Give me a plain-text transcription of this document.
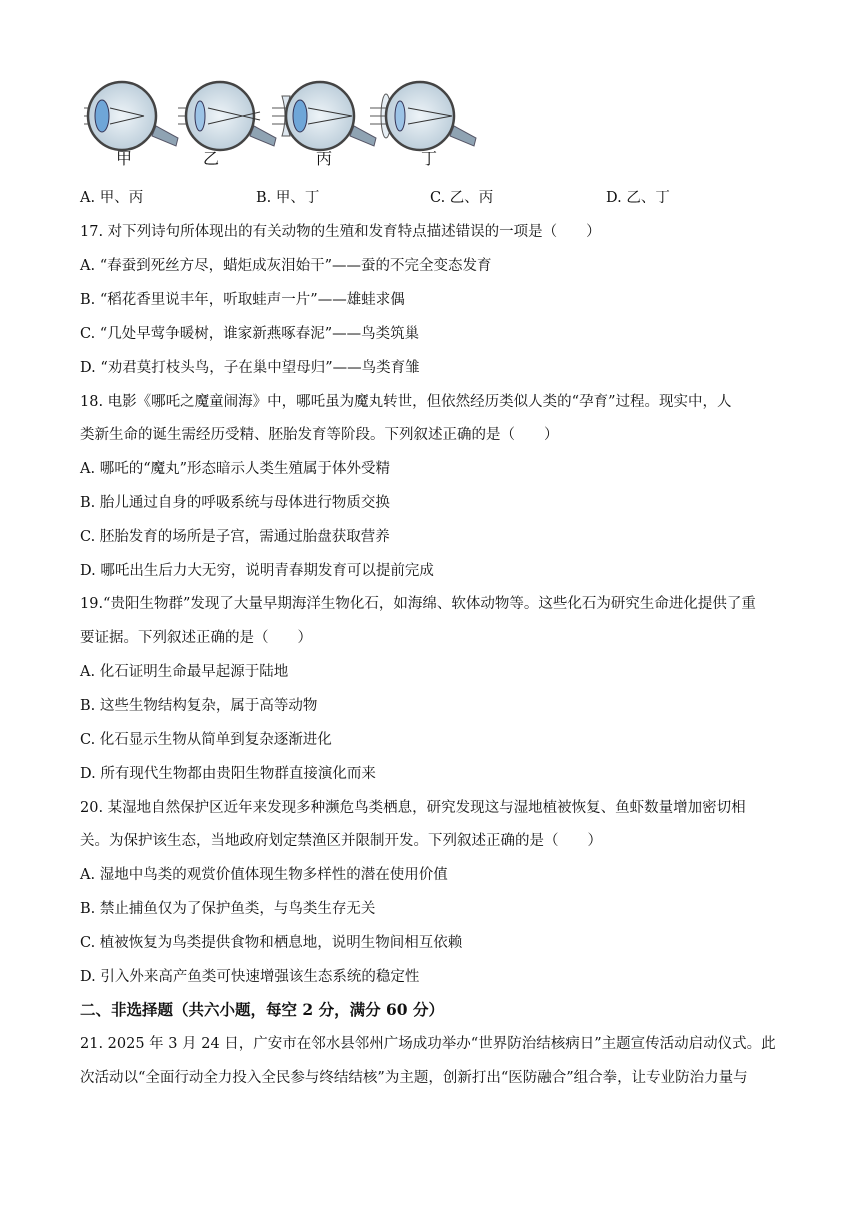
甲	乙	丙	丁
A. 甲、丙	B. 甲、丁	C. 乙、丙	D. 乙、丁
17. 对下列诗句所体现出的有关动物的生殖和发育特点描述错误的一项是（　　）
A. “春蚕到死丝方尽，蜡炬成灰泪始干”——蚕的不完全变态发育
B. “稻花香里说丰年，听取蛙声一片”——雄蛙求偶
C. “几处早莺争暖树，谁家新燕啄春泥”——鸟类筑巢
D. “劝君莫打枝头鸟，子在巢中望母归”——鸟类育雏
18. 电影《哪吒之魔童闹海》中，哪吒虽为魔丸转世，但依然经历类似人类的“孕育”过程。现实中，人
类新生命的诞生需经历受精、胚胎发育等阶段。下列叙述正确的是（　　）
A. 哪吒的“魔丸”形态暗示人类生殖属于体外受精
B. 胎儿通过自身的呼吸系统与母体进行物质交换
C. 胚胎发育的场所是子宫，需通过胎盘获取营养
D. 哪吒出生后力大无穷，说明青春期发育可以提前完成
19.“贵阳生物群”发现了大量早期海洋生物化石，如海绵、软体动物等。这些化石为研究生命进化提供了重
要证据。下列叙述正确的是（　　）
A. 化石证明生命最早起源于陆地
B. 这些生物结构复杂，属于高等动物
C. 化石显示生物从简单到复杂逐渐进化
D. 所有现代生物都由贵阳生物群直接演化而来
20. 某湿地自然保护区近年来发现多种濒危鸟类栖息，研究发现这与湿地植被恢复、鱼虾数量增加密切相
关。为保护该生态，当地政府划定禁渔区并限制开发。下列叙述正确的是（　　）
A. 湿地中鸟类的观赏价值体现生物多样性的潜在使用价值
B. 禁止捕鱼仅为了保护鱼类，与鸟类生存无关
C. 植被恢复为鸟类提供食物和栖息地，说明生物间相互依赖
D. 引入外来高产鱼类可快速增强该生态系统的稳定性
二、非选择题（共六小题，每空 2 分，满分 60 分）
21. 2025 年 3 月 24 日，广安市在邻水县邻州广场成功举办“世界防治结核病日”主题宣传活动启动仪式。此
次活动以“全面行动全力投入全民参与终结结核”为主题，创新打出“医防融合”组合拳，让专业防治力量与
